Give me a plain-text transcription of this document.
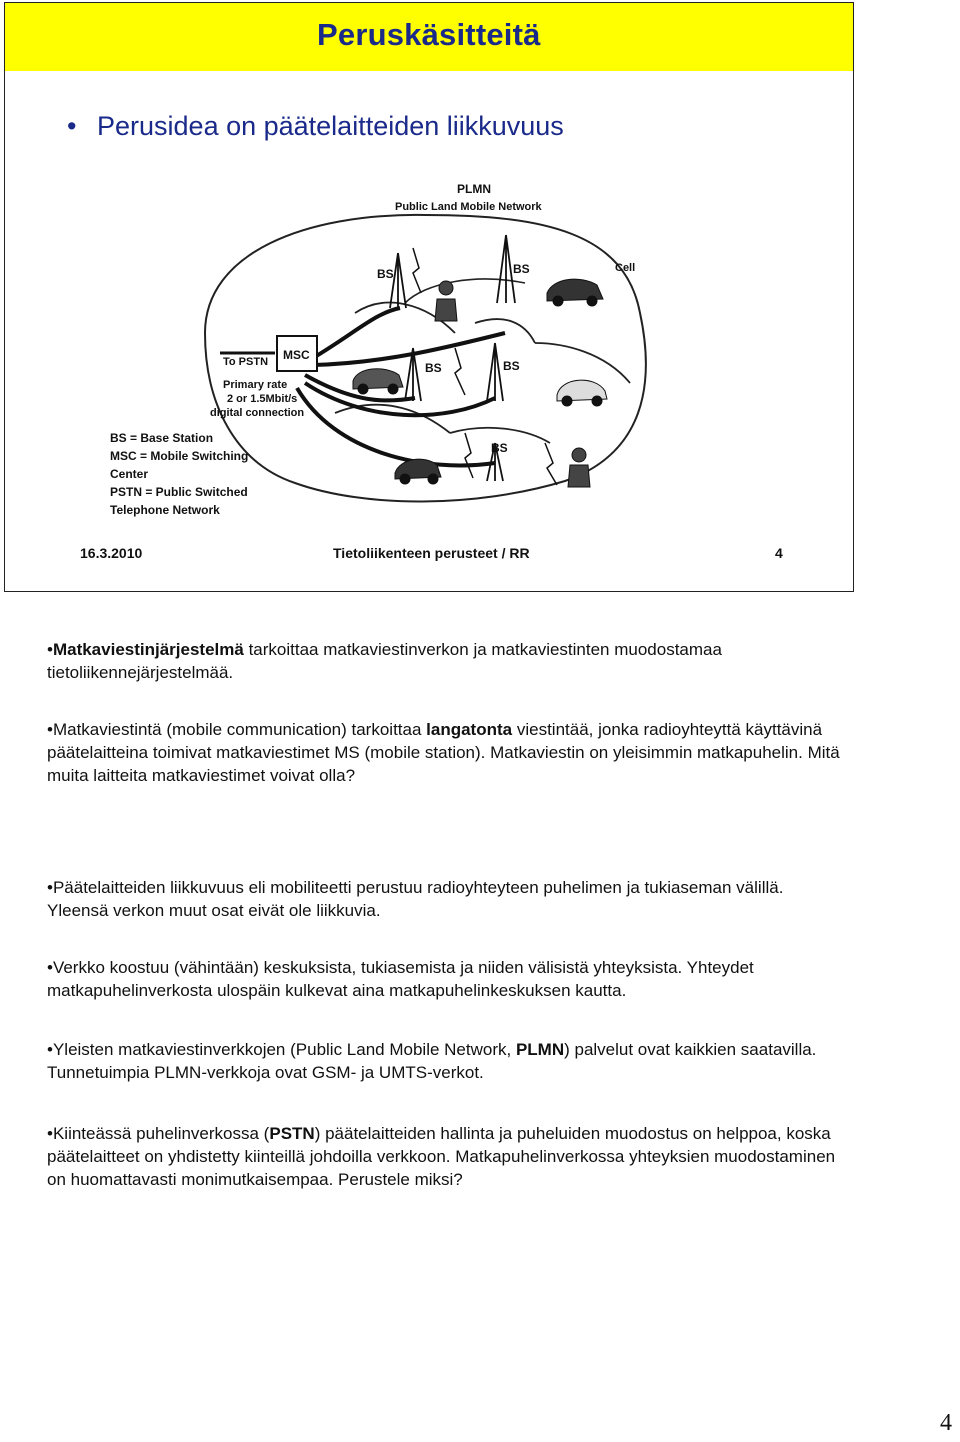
Peruskäsitteitä
• Perusidea on päätelaitteiden liikkuvuus
MSC
PLMN
Public Land Mobile Network
BS	BS
BS	BS
BS
Cell
To PSTN
Primary rate
2 or 1.5Mbit/s
digital connection
BS = Base Station
MSC = Mobile Switching
Center
PSTN = Public Switched
Telephone Network
16.3.2010	Tietoliikenteen perusteet / RR	4
•Matkaviestinjärjestelmä tarkoittaa matkaviestinverkon ja matkaviestinten muodostamaa tietoliikennejärjestelmää.
•Matkaviestintä (mobile communication) tarkoittaa langatonta viestintää, jonka radioyhteyttä käyttävinä päätelaitteina toimivat matkaviestimet MS (mobile station). Matkaviestin on yleisimmin matkapuhelin. Mitä muita laitteita matkaviestimet voivat olla?
•Päätelaitteiden liikkuvuus eli mobiliteetti perustuu radioyhteyteen puhelimen ja tukiaseman välillä. Yleensä verkon muut osat eivät ole liikkuvia.
•Verkko koostuu (vähintään) keskuksista, tukiasemista ja niiden välisistä yhteyksista. Yhteydet matkapuhelinverkosta ulospäin kulkevat aina matkapuhelinkeskuksen kautta.
•Yleisten matkaviestinverkkojen (Public Land Mobile Network, PLMN) palvelut ovat kaikkien saatavilla. Tunnetuimpia PLMN-verkkoja ovat GSM- ja UMTS-verkot.
•Kiinteässä puhelinverkossa (PSTN) päätelaitteiden hallinta ja puheluiden muodostus on helppoa, koska päätelaitteet on yhdistetty kiinteillä johdoilla verkkoon. Matkapuhelinverkossa yhteyksien muodostaminen on huomattavasti monimutkaisempaa. Perustele miksi?
4
